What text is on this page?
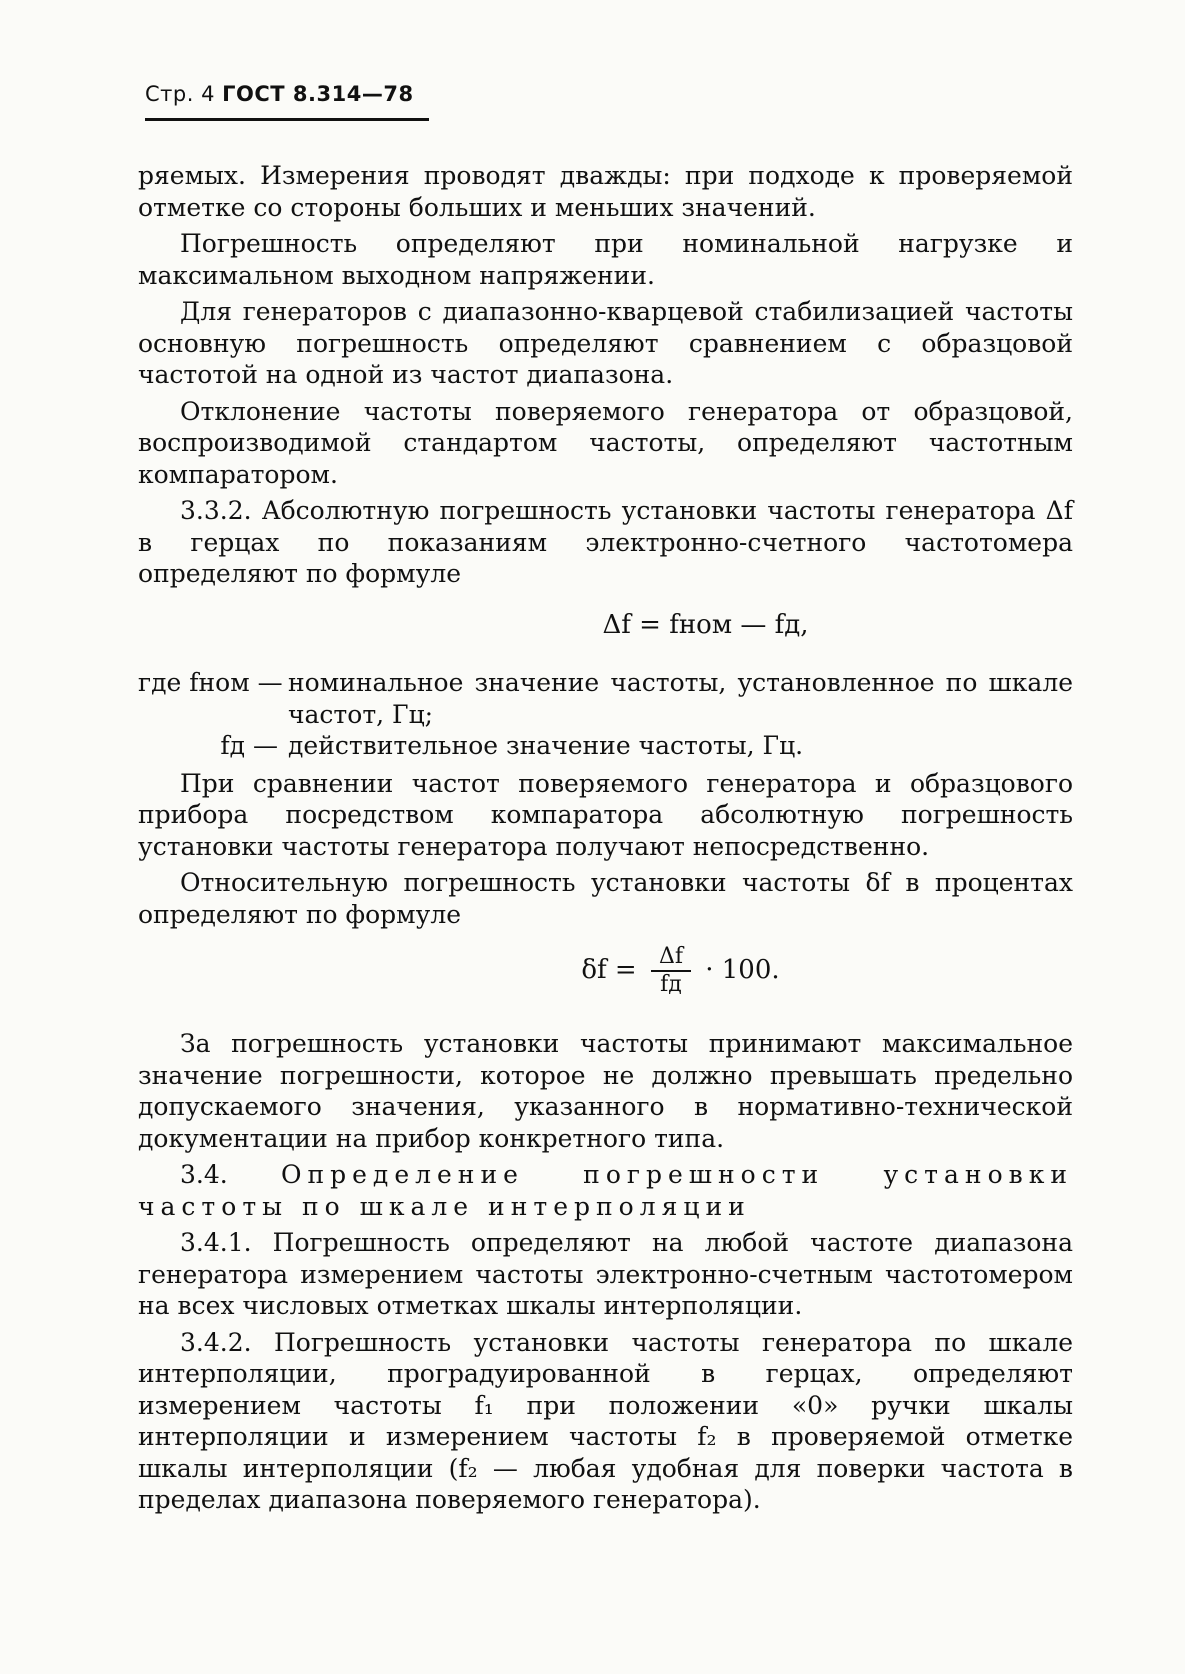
Стр. 4 ГОСТ 8.314—78

ряемых. Измерения проводят дважды: при подходе к проверяемой отметке со стороны больших и меньших значений.

Погрешность определяют при номинальной нагрузке и максимальном выходном напряжении.

Для генераторов с диапазонно-кварцевой стабилизацией частоты основную погрешность определяют сравнением с образцовой частотой на одной из частот диапазона.

Отклонение частоты поверяемого генератора от образцовой, воспроизводимой стандартом частоты, определяют частотным компаратором.

3.3.2. Абсолютную погрешность установки частоты генератора Δf в герцах по показаниям электронно-счетного частотомера определяют по формуле

Δf = fном — fд,
где fном — номинальное значение частоты, установленное по шкале частот, Гц;
fд — действительное значение частоты, Гц.

При сравнении частот поверяемого генератора и образцового прибора посредством компаратора абсолютную погрешность установки частоты генератора получают непосредственно.

Относительную погрешность установки частоты δf в процентах определяют по формуле

$\delta f = \frac{\Delta f}{fд} \cdot 100$.

За погрешность установки частоты принимают максимальное значение погрешности, которое не должно превышать предельно допускаемого значения, указанного в нормативно-технической документации на прибор конкретного типа.

3.4. Определение погрешности установки частоты по шкале интерполяции

3.4.1. Погрешность определяют на любой частоте диапазона генератора измерением частоты электронно-счетным частотомером на всех числовых отметках шкалы интерполяции.

3.4.2. Погрешность установки частоты генератора по шкале интерполяции, проградуированной в герцах, определяют измерением частоты f₁ при положении «0» ручки шкалы интерполяции и измерением частоты f₂ в проверяемой отметке шкалы интерполяции (f₂ — любая удобная для поверки частота в пределах диапазона поверяемого генератора).
